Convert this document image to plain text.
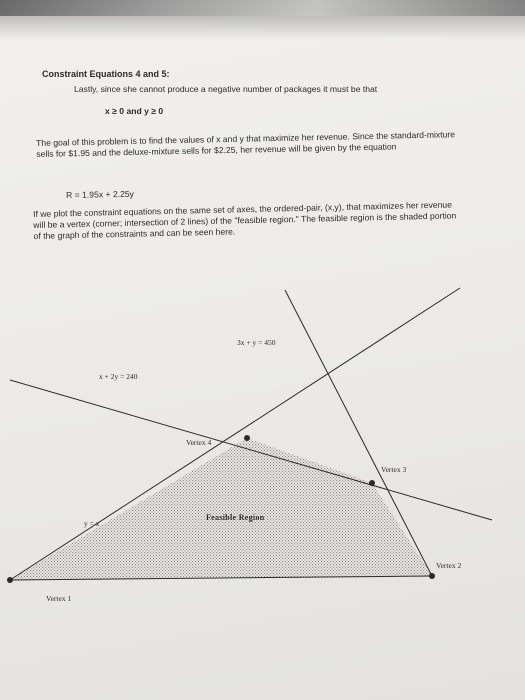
Constraint Equations 4 and 5:

Lastly, since she cannot produce a negative number of packages it must be that

x ≥ 0 and y ≥ 0

The goal of this problem is to find the values of x and y that maximize her revenue. Since the standard-mixture sells for $1.95 and the deluxe-mixture sells for $2.25, her revenue will be given by the equation

R = 1.95x + 2.25y

If we plot the constraint equations on the same set of axes, the ordered-pair, (x,y), that maximizes her revenue will be a vertex (corner; intersection of 2 lines) of the "feasible region." The feasible region is the shaded portion of the graph of the constraints and can be seen here.

3x + y = 450
x + 2y = 240
y = x
Feasible Region
Vertex 1
Vertex 2
Vertex 3
Vertex 4
